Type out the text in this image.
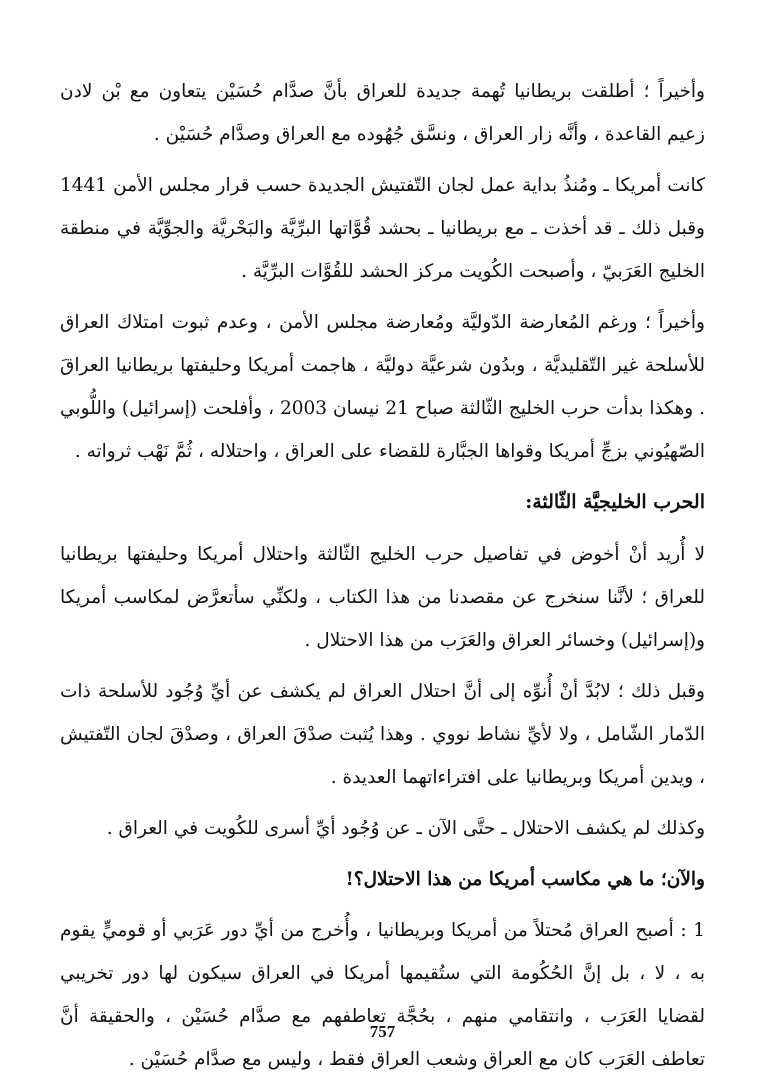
وأخيراً ؛ أطلقت بريطانيا تُهمة جديدة للعراق بأنَّ صدَّام حُسَيْن يتعاون مع بْن لادن زعيم القاعدة ، وأنَّه زار العراق ، ونسَّق جُهُوده مع العراق وصدَّام حُسَيْن .

كانت أمريكا ـ ومُنذُ بداية عمل لجان التّفتيش الجديدة حسب قرار مجلس الأمن 1441 وقبل ذلك ـ قد أخذت ـ مع بريطانيا ـ بحشد قُوَّاتها البرِّيَّة والبَحْريَّة والجوِّيَّة في منطقة الخليج العَرَبيّ ، وأصبحت الكُويت مركز الحشد للقُوَّات البرِّيَّة .

وأخيراً ؛ ورغم المُعارضة الدّوليَّة ومُعارضة مجلس الأمن ، وعدم ثبوت امتلاك العراق للأسلحة غير التّقليديَّة ، وبدُون شرعيَّة دوليَّة ، هاجمت أمريكا وحليفتها بريطانيا العراقَ . وهكذا بدأت حرب الخليج الثّالثة صباح 21 نيسان 2003 ، وأفلحت (إسرائيل) واللُّوبي الصّهيُوني بزجِّ أمريكا وقواها الجبَّارة للقضاء على العراق ، واحتلاله ، ثُمَّ نَهْب ثرواته .

الحرب الخليجيَّة الثّالثة:

لا أُريد أنْ أخوض في تفاصيل حرب الخليج الثّالثة واحتلال أمريكا وحليفتها بريطانيا للعراق ؛ لأنَّنا سنخرج عن مقصدنا من هذا الكتاب ، ولكنِّي سأتعرَّض لمكاسب أمريكا و(إسرائيل) وخسائر العراق والعَرَب من هذا الاحتلال .

وقبل ذلك ؛ لابُدَّ أنْ أُنوِّه إلى أنَّ احتلال العراق لم يكشف عن أيِّ وُجُود للأسلحة ذات الدّمار الشّامل ، ولا لأيِّ نشاط نووي . وهذا يُثبت صدْقَ العراق ، وصدْقَ لجان التّفتيش ، ويدين أمريكا وبريطانيا على افتراءاتهما العديدة .

وكذلك لم يكشف الاحتلال ـ حتَّى الآن ـ عن وُجُود أيِّ أسرى للكُويت في العراق .

والآن؛ ما هي مكاسب أمريكا من هذا الاحتلال؟!

1 : أصبح العراق مُحتلاً من أمريكا وبريطانيا ، وأُخرج من أيِّ دور عَرَبي أو قوميٍّ يقوم به ، لا ، بل إنَّ الحُكُومة التي ستُقيمها أمريكا في العراق سيكون لها دور تخريبي لقضايا العَرَب ، وانتقامي منهم ، بحُجَّة تعاطفهم مع صدَّام حُسَيْن ، والحقيقة أنَّ تعاطف العَرَب كان مع العراق وشعب العراق فقط ، وليس مع صدَّام حُسَيْن .

757
